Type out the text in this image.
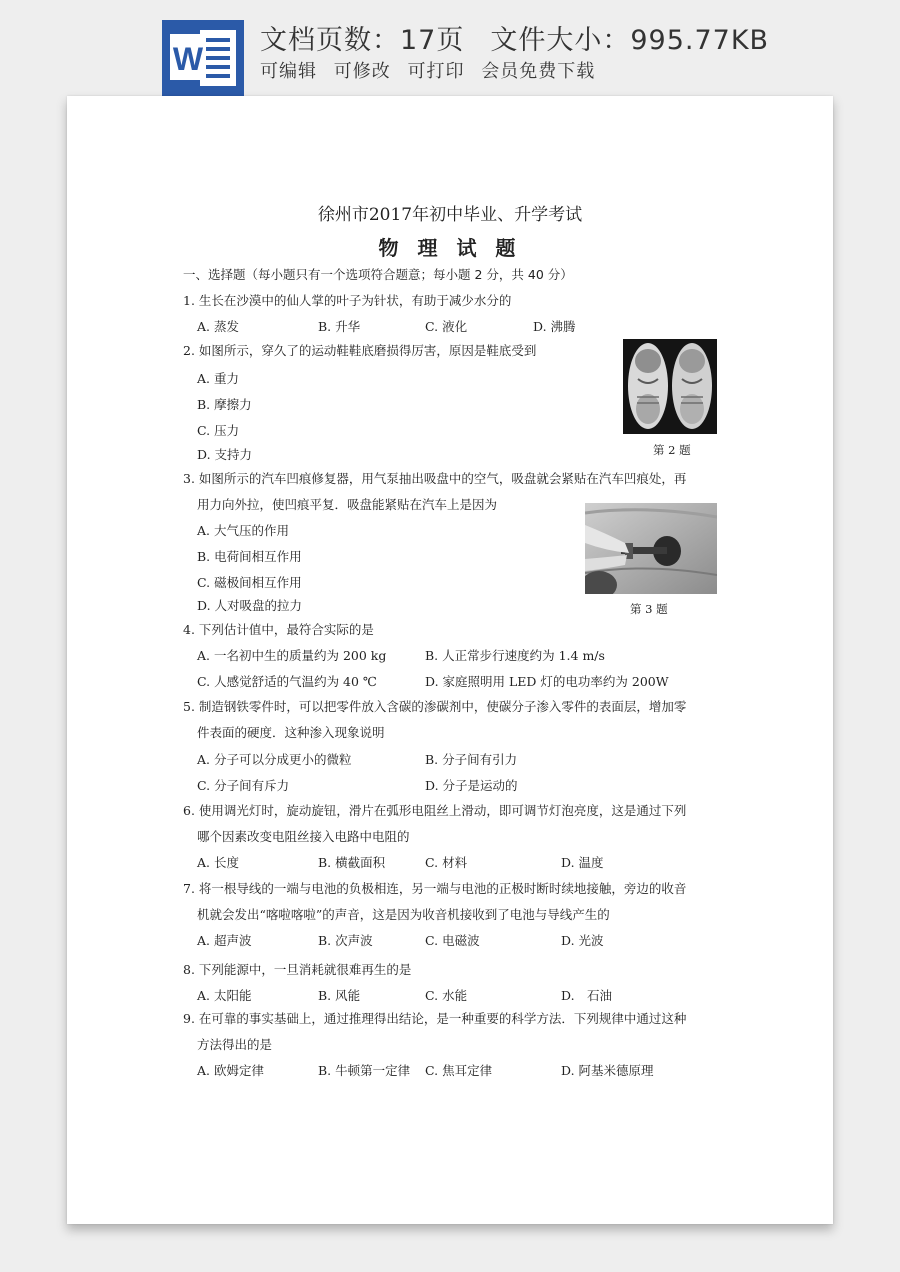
W
文档页数：17页 文件大小：995.77KB
可编辑 可修改 可打印 会员免费下载
徐州市2017年初中毕业、升学考试
物 理 试 题
一、选择题（每小题只有一个选项符合题意；每小题 2 分，共 40 分）
1. 生长在沙漠中的仙人掌的叶子为针状，有助于减少水分的
A. 蒸发	B. 升华	C. 液化	D. 沸腾
2. 如图所示，穿久了的运动鞋鞋底磨损得厉害，原因是鞋底受到
A. 重力
B. 摩擦力
C. 压力
D. 支持力	第 2 题
3. 如图所示的汽车凹痕修复器，用气泵抽出吸盘中的空气，吸盘就会紧贴在汽车凹痕处，再
用力向外拉，使凹痕平复．吸盘能紧贴在汽车上是因为
A. 大气压的作用
B. 电荷间相互作用
C. 磁极间相互作用
D. 人对吸盘的拉力	第 3 题
4. 下列估计值中，最符合实际的是
A. 一名初中生的质量约为 200 kg	B. 人正常步行速度约为 1.4 m/s
C. 人感觉舒适的气温约为 40 ℃	D. 家庭照明用 LED 灯的电功率约为 200W
5. 制造钢铁零件时，可以把零件放入含碳的渗碳剂中，使碳分子渗入零件的表面层，增加零
件表面的硬度．这种渗入现象说明
A. 分子可以分成更小的微粒	B. 分子间有引力
C. 分子间有斥力	D. 分子是运动的
6. 使用调光灯时，旋动旋钮，滑片在弧形电阻丝上滑动，即可调节灯泡亮度，这是通过下列
哪个因素改变电阻丝接入电路中电阻的
A. 长度	B. 横截面积	C. 材料	D. 温度
7. 将一根导线的一端与电池的负极相连，另一端与电池的正极时断时续地接触，旁边的收音
机就会发出“喀啦喀啦”的声音，这是因为收音机接收到了电池与导线产生的
A. 超声波	B. 次声波	C. 电磁波	D. 光波
8. 下列能源中，一旦消耗就很难再生的是
A. 太阳能	B. 风能	C. 水能	D.　石油
9. 在可靠的事实基础上，通过推理得出结论，是一种重要的科学方法．下列规律中通过这种
方法得出的是
A. 欧姆定律	B. 牛顿第一定律 C. 焦耳定律	D. 阿基米德原理
